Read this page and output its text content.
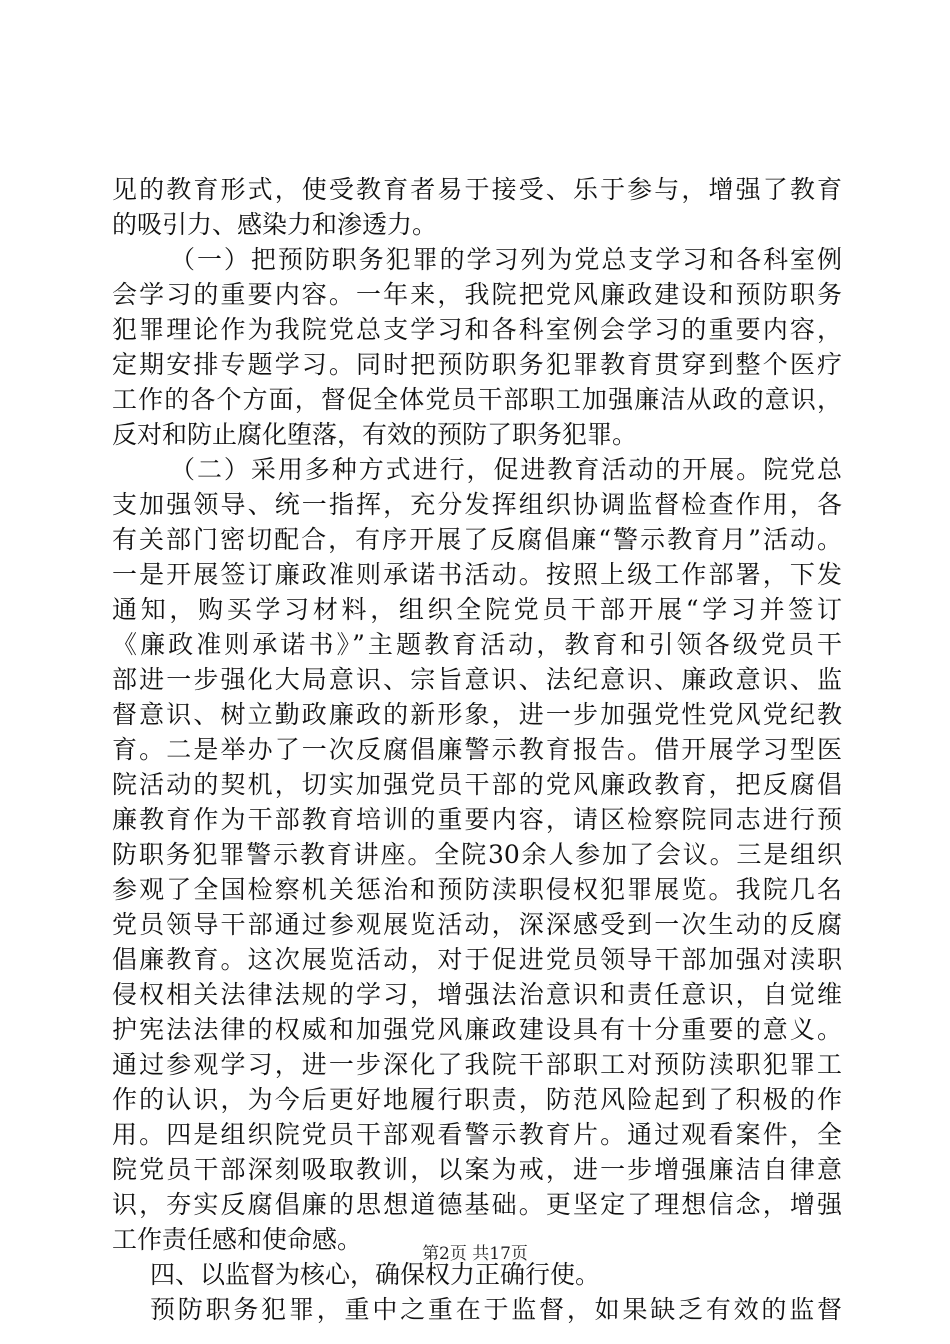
见的教育形式，使受教育者易于接受、乐于参与，增强了教育
的吸引力、感染力和渗透力。
（一）把预防职务犯罪的学习列为党总支学习和各科室例
会学习的重要内容。一年来，我院把党风廉政建设和预防职务
犯罪理论作为我院党总支学习和各科室例会学习的重要内容，
定期安排专题学习。同时把预防职务犯罪教育贯穿到整个医疗
工作的各个方面，督促全体党员干部职工加强廉洁从政的意识，
反对和防止腐化堕落，有效的预防了职务犯罪。
（二）采用多种方式进行，促进教育活动的开展。院党总
支加强领导、统一指挥，充分发挥组织协调监督检查作用，各
有关部门密切配合，有序开展了反腐倡廉“警示教育月”活动。
一是开展签订廉政准则承诺书活动。按照上级工作部署，下发
通知，购买学习材料，组织全院党员干部开展“学习并签订
《廉政准则承诺书》”主题教育活动，教育和引领各级党员干
部进一步强化大局意识、宗旨意识、法纪意识、廉政意识、监
督意识、树立勤政廉政的新形象，进一步加强党性党风党纪教
育。二是举办了一次反腐倡廉警示教育报告。借开展学习型医
院活动的契机，切实加强党员干部的党风廉政教育，把反腐倡
廉教育作为干部教育培训的重要内容，请区检察院同志进行预
防职务犯罪警示教育讲座。全院30余人参加了会议。三是组织
参观了全国检察机关惩治和预防渎职侵权犯罪展览。我院几名
党员领导干部通过参观展览活动，深深感受到一次生动的反腐
倡廉教育。这次展览活动，对于促进党员领导干部加强对渎职
侵权相关法律法规的学习，增强法治意识和责任意识，自觉维
护宪法法律的权威和加强党风廉政建设具有十分重要的意义。
通过参观学习，进一步深化了我院干部职工对预防渎职犯罪工
作的认识，为今后更好地履行职责，防范风险起到了积极的作
用。四是组织院党员干部观看警示教育片。通过观看案件，全
院党员干部深刻吸取教训，以案为戒，进一步增强廉洁自律意
识，夯实反腐倡廉的思想道德基础。更坚定了理想信念，增强
工作责任感和使命感。
四、以监督为核心，确保权力正确行使。
预防职务犯罪，重中之重在于监督，如果缺乏有效的监督
第2页 共17页
